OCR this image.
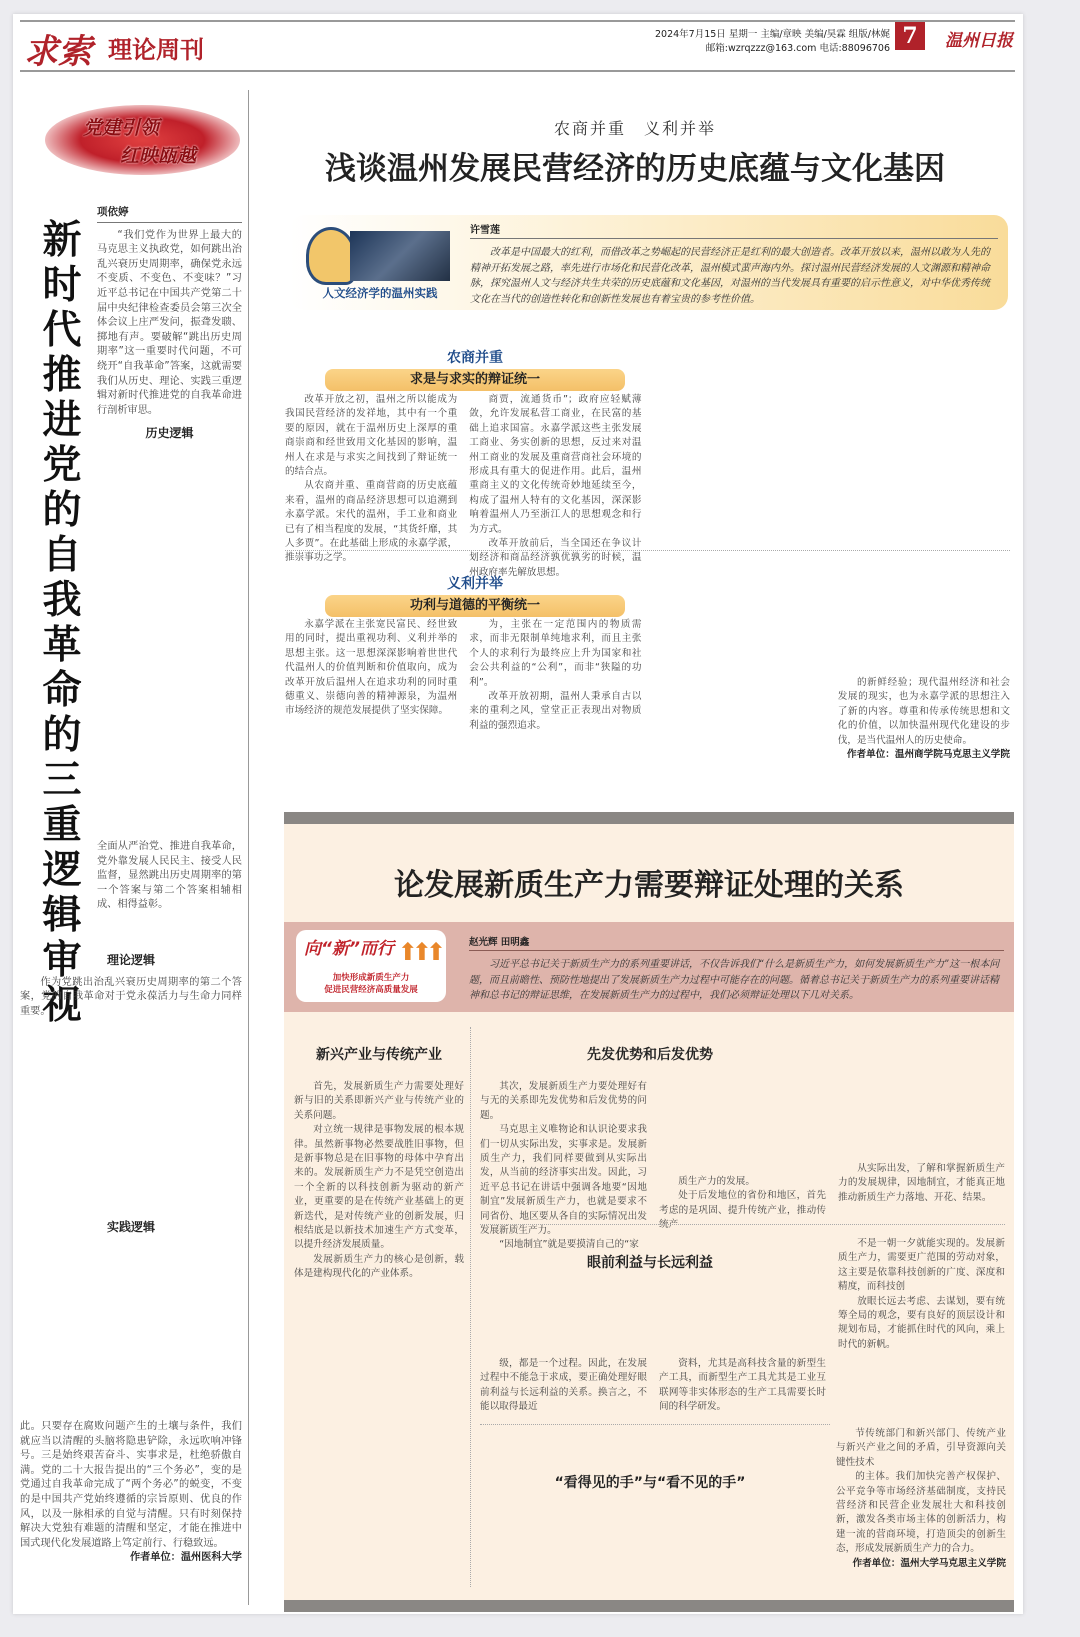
求索 理论周刊
2024年7月15日 星期一 主编/章映 美编/昊霖 组版/林娓
邮箱:wzrqzzz@163.com 电话:88096706 7	温州日报
党建引领
红映瓯越
新时代推进党的自我革命的三重逻辑审视
项依婷

“我们党作为世界上最大的马克思主义执政党，如何跳出治乱兴衰历史周期率，确保党永远不变质、不变色、不变味？”习近平总书记在中国共产党第二十届中央纪律检查委员会第三次全体会议上庄严发问，振聋发聩、掷地有声。要破解“跳出历史周期率”这一重要时代问题，不可绕开“自我革命”答案，这就需要我们从历史、理论、实践三重逻辑对新时代推进党的自我革命进行剖析审思。

历史逻辑

全面从严治党、推进自我革命，党外靠发展人民民主、接受人民监督，显然跳出历史周期率的第一个答案与第二个答案相辅相成、相得益彰。

理论逻辑

作为党跳出治乱兴衰历史周期率的第二个答案，党的自我革命对于党永葆活力与生命力同样重要。

实践逻辑

此。只要存在腐败问题产生的土壤与条件，我们就应当以清醒的头脑将隐患铲除，永远吹响冲锋号。三是始终艰苦奋斗、实事求是，杜绝骄傲自满。党的二十大报告提出的“三个务必”，变的是党通过自我革命完成了“两个务必”的蜕变，不变的是中国共产党始终遵循的宗旨原则、优良的作风，以及一脉相承的自觉与清醒。只有时刻保持解决大党独有难题的清醒和坚定，才能在推进中国式现代化发展道路上笃定前行、行稳致远。

作者单位：温州医科大学
农商并重　义利并举
浅谈温州发展民营经济的历史底蕴与文化基因
人文经济学的温州实践
许雪莲

改革是中国最大的红利，而借改革之势崛起的民营经济正是红利的最大创造者。改革开放以来，温州以敢为人先的精神开拓发展之路，率先进行市场化和民营化改革，温州模式蜚声海内外。探讨温州民营经济发展的人文渊源和精神命脉，探究温州人文与经济共生共荣的历史底蕴和文化基因，对温州的当代发展具有重要的启示性意义，对中华优秀传统文化在当代的创造性转化和创新性发展也有着宝贵的参考性价值。

农商并重
求是与求实的辩证统一

改革开放之初，温州之所以能成为我国民营经济的发祥地，其中有一个重要的原因，就在于温州历史上深厚的重商崇商和经世致用文化基因的影响，温州人在求是与求实之间找到了辩证统一的结合点。

从农商并重、重商营商的历史底蕴来看，温州的商品经济思想可以追溯到永嘉学派。宋代的温州，手工业和商业已有了相当程度的发展，“其货纤靡，其人多贾”。在此基础上形成的永嘉学派，推崇事功之学。

商贾，流通货币”；政府应轻赋薄敛，允许发展私营工商业，在民富的基础上追求国富。永嘉学派这些主张发展工商业、务实创新的思想，反过来对温州工商业的发展及重商营商社会环境的形成具有重大的促进作用。此后，温州重商主义的文化传统奇妙地延续至今，构成了温州人特有的文化基因，深深影响着温州人乃至浙江人的思想观念和行为方式。

改革开放前后，当全国还在争议计划经济和商品经济孰优孰劣的时候，温州政府率先解放思想。

义利并举
功利与道德的平衡统一

永嘉学派在主张宽民富民、经世致用的同时，提出重视功利、义利并举的思想主张。这一思想深深影响着世世代代温州人的价值判断和价值取向，成为改革开放后温州人在追求功利的同时重德重义、崇德向善的精神源泉，为温州市场经济的规范发展提供了坚实保障。

为，主张在一定范围内的物质需求，而非无限制单纯地求利，而且主张个人的求利行为最终应上升为国家和社会公共利益的“公利”，而非“狭隘的功利”。

改革开放初期，温州人秉承自古以来的重利之风，堂堂正正表现出对物质利益的强烈追求。

的新鲜经验；现代温州经济和社会发展的现实，也为永嘉学派的思想注入了新的内容。尊重和传承传统思想和文化的价值，以加快温州现代化建设的步伐，是当代温州人的历史使命。

作者单位：温州商学院马克思主义学院
论发展新质生产力需要辩证处理的关系
向“新”而行 ⬆⬆⬆
加快形成新质生产力
促进民营经济高质量发展
赵光辉 田明鑫

习近平总书记关于新质生产力的系列重要讲话，不仅告诉我们“什么是新质生产力，如何发展新质生产力”这一根本问题，而且前瞻性、预防性地提出了发展新质生产力过程中可能存在的问题。循着总书记关于新质生产力的系列重要讲话精神和总书记的辩证思维，在发展新质生产力的过程中，我们必须辩证处理以下几对关系。

新兴产业与传统产业

首先，发展新质生产力需要处理好新与旧的关系即新兴产业与传统产业的关系问题。

对立统一规律是事物发展的根本规律。虽然新事物必然要战胜旧事物，但是新事物总是在旧事物的母体中孕育出来的。发展新质生产力不是凭空创造出一个全新的以科技创新为驱动的新产业，更重要的是在传统产业基础上的更新迭代，是对传统产业的创新发展，归根结底是以新技术加速生产方式变革，以提升经济发展质量。

发展新质生产力的核心是创新，载体是建构现代化的产业体系。

先发优势和后发优势

其次，发展新质生产力要处理好有与无的关系即先发优势和后发优势的问题。

马克思主义唯物论和认识论要求我们一切从实际出发，实事求是。发展新质生产力，我们同样要做到从实际出发，从当前的经济事实出发。因此，习近平总书记在讲话中强调各地要“因地制宜”发展新质生产力，也就是要求不同省份、地区要从各自的实际情况出发发展新质生产力。

“因地制宜”就是要摸清自己的“家

质生产力的发展。

处于后发地位的省份和地区，首先考虑的是巩固、提升传统产业，推动传统产

从实际出发，了解和掌握新质生产力的发展规律，因地制宜，才能真正地推动新质生产力落地、开花、结果。

眼前利益与长远利益

级，都是一个过程。因此，在发展过程中不能急于求成，要正确处理好眼前利益与长远利益的关系。换言之，不能以取得最近

资料，尤其是高科技含量的新型生产工具，而新型生产工具尤其是工业互联网等非实体形态的生产工具需要长时间的科学研发。

不是一朝一夕就能实现的。发展新质生产力，需要更广范围的劳动对象，这主要是依靠科技创新的广度、深度和精度，而科技创

放眼长远去考虑、去谋划，要有统筹全局的观念，要有良好的顶层设计和规划布局，才能抓住时代的风向，乘上时代的新帆。

“看得见的手”与“看不见的手”

节传统部门和新兴部门、传统产业与新兴产业之间的矛盾，引导资源向关键性技术

的主体。我们加快完善产权保护、公平竞争等市场经济基础制度，支持民营经济和民营企业发展壮大和科技创新，激发各类市场主体的创新活力，构建一流的营商环境，打造顶尖的创新生态，形成发展新质生产力的合力。

作者单位：温州大学马克思主义学院
